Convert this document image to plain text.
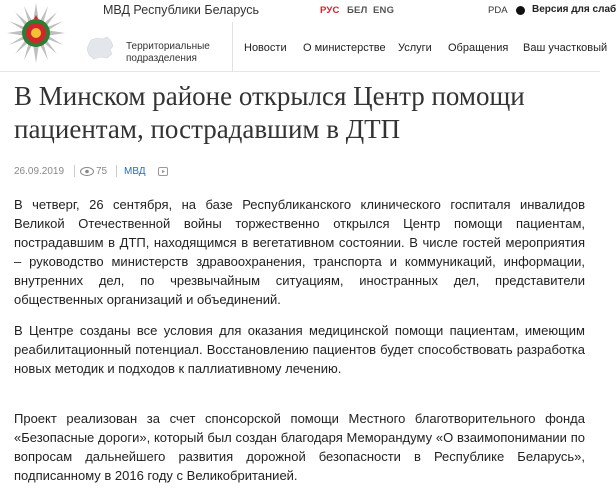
МВД Республики Беларусь	РУС БЕЛ ENG	PDA Версия для слаб
Территориальные подразделения
Новости О министерстве Услуги Обращения Ваш участковый
В Минском районе открылся Центр помощи пациентам, пострадавшим в ДТП
26.09.2019	75 МВД

В четверг, 26 сентября, на базе Республиканского клинического госпиталя инвалидов Великой Отечественной войны торжественно открылся Центр помощи пациентам, пострадавшим в ДТП, находящимся в вегетативном состоянии. В числе гостей мероприятия – руководство министерств здравоохранения, транспорта и коммуникаций, информации, внутренних дел, по чрезвычайным ситуациям, иностранных дел, представители общественных организаций и объединений.

В Центре созданы все условия для оказания медицинской помощи пациентам, имеющим реабилитационный потенциал. Восстановлению пациентов будет способствовать разработка новых методик и подходов к паллиативному лечению.

Проект реализован за счет спонсорской помощи Местного благотворительного фонда «Безопасные дороги», который был создан благодаря Меморандуму «О взаимопонимании по вопросам дальнейшего развития дорожной безопасности в Республике Беларусь», подписанному в 2016 году с Великобританией.
